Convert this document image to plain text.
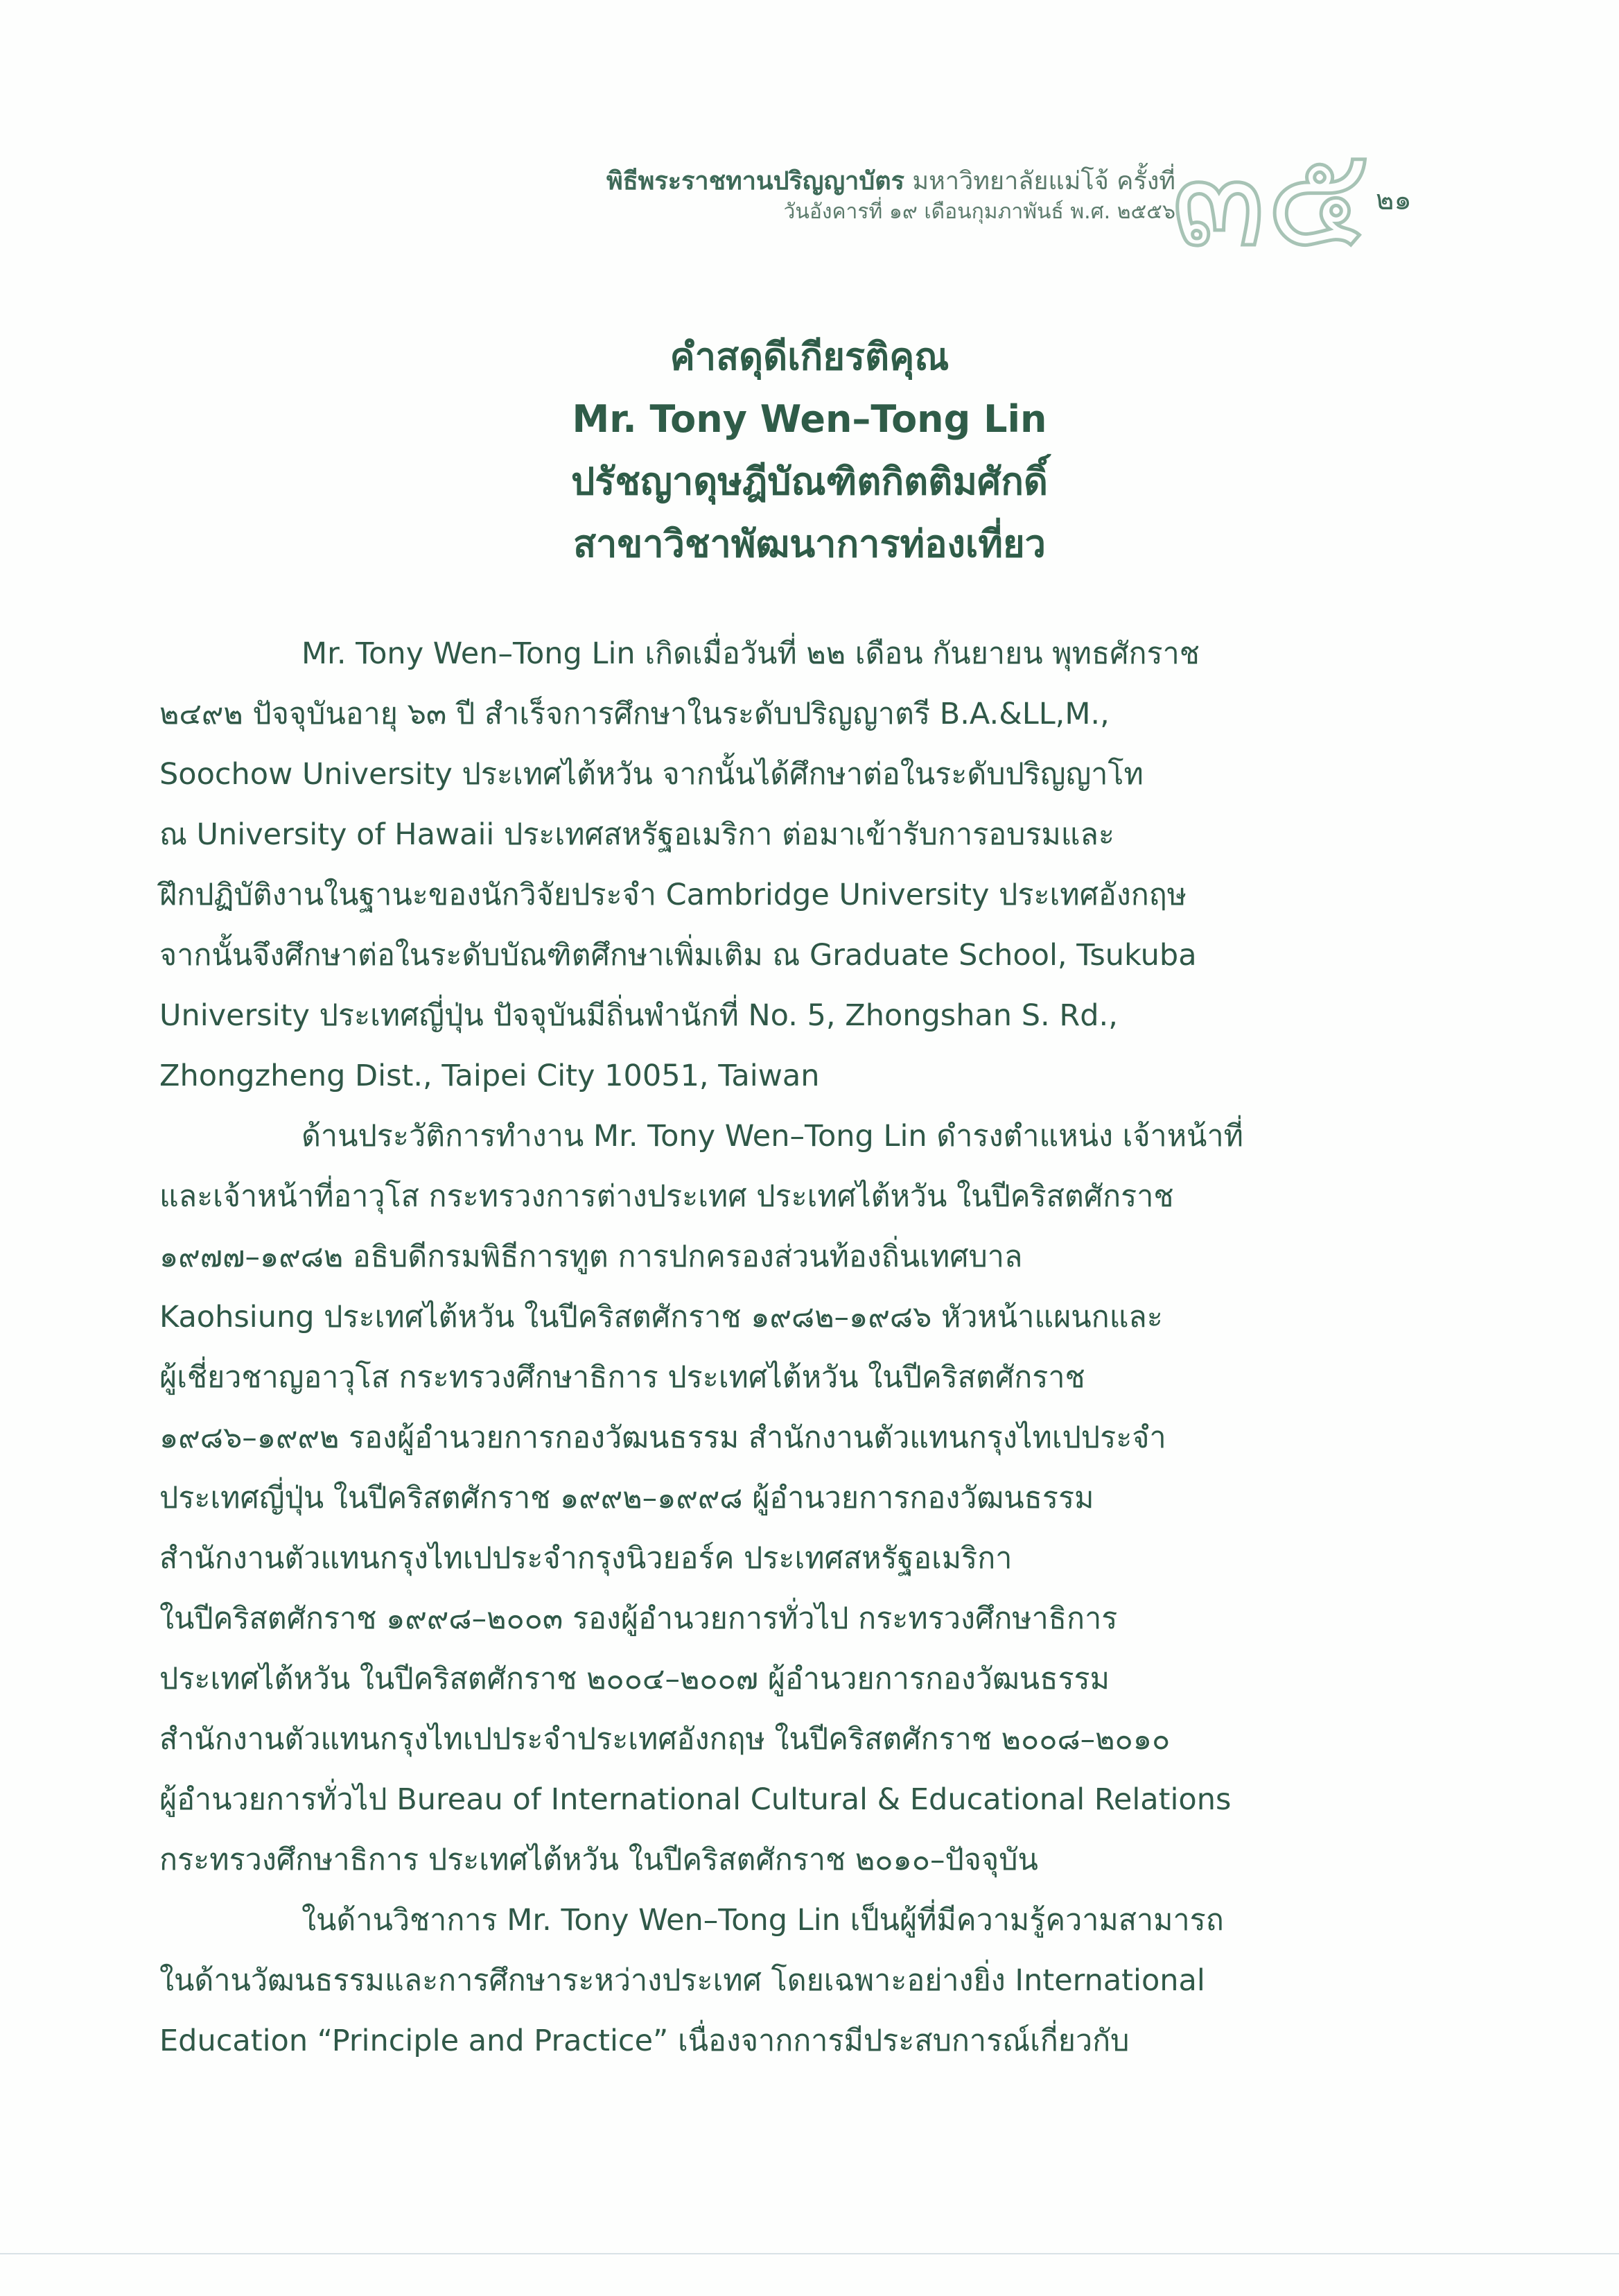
พิธีพระราชทานปริญญาบัตร มหาวิทยาลัยแม่โจ้ ครั้งที่
วันอังคารที่ ๑๙ เดือนกุมภาพันธ์ พ.ศ. ๒๕๕๖
๓๕ ๒๑
คำสดุดีเกียรติคุณ
Mr. Tony Wen–Tong Lin
ปรัชญาดุษฎีบัณฑิตกิตติมศักดิ์
สาขาวิชาพัฒนาการท่องเที่ยว
Mr. Tony Wen–Tong Lin เกิดเมื่อวันที่ ๒๒ เดือน กันยายน พุทธศักราช
๒๔๙๒ ปัจจุบันอายุ ๖๓ ปี สำเร็จการศึกษาในระดับปริญญาตรี B.A.&LL,M.,
Soochow University ประเทศไต้หวัน จากนั้นได้ศึกษาต่อในระดับปริญญาโท
ณ University of Hawaii ประเทศสหรัฐอเมริกา ต่อมาเข้ารับการอบรมและ
ฝึกปฏิบัติงานในฐานะของนักวิจัยประจำ Cambridge University ประเทศอังกฤษ
จากนั้นจึงศึกษาต่อในระดับบัณฑิตศึกษาเพิ่มเติม ณ Graduate School, Tsukuba
University ประเทศญี่ปุ่น ปัจจุบันมีถิ่นพำนักที่ No. 5, Zhongshan S. Rd.,
Zhongzheng Dist., Taipei City 10051, Taiwan
ด้านประวัติการทำงาน Mr. Tony Wen–Tong Lin ดำรงตำแหน่ง เจ้าหน้าที่
และเจ้าหน้าที่อาวุโส กระทรวงการต่างประเทศ ประเทศไต้หวัน ในปีคริสตศักราช
๑๙๗๗–๑๙๘๒ อธิบดีกรมพิธีการทูต การปกครองส่วนท้องถิ่นเทศบาล
Kaohsiung ประเทศไต้หวัน ในปีคริสตศักราช ๑๙๘๒–๑๙๘๖ หัวหน้าแผนกและ
ผู้เชี่ยวชาญอาวุโส กระทรวงศึกษาธิการ ประเทศไต้หวัน ในปีคริสตศักราช
๑๙๘๖–๑๙๙๒ รองผู้อำนวยการกองวัฒนธรรม สำนักงานตัวแทนกรุงไทเปประจำ
ประเทศญี่ปุ่น ในปีคริสตศักราช ๑๙๙๒–๑๙๙๘ ผู้อำนวยการกองวัฒนธรรม
สำนักงานตัวแทนกรุงไทเปประจำกรุงนิวยอร์ค ประเทศสหรัฐอเมริกา
ในปีคริสตศักราช ๑๙๙๘–๒๐๐๓ รองผู้อำนวยการทั่วไป กระทรวงศึกษาธิการ
ประเทศไต้หวัน ในปีคริสตศักราช ๒๐๐๔–๒๐๐๗ ผู้อำนวยการกองวัฒนธรรม
สำนักงานตัวแทนกรุงไทเปประจำประเทศอังกฤษ ในปีคริสตศักราช ๒๐๐๘–๒๐๑๐
ผู้อำนวยการทั่วไป Bureau of International Cultural & Educational Relations
กระทรวงศึกษาธิการ ประเทศไต้หวัน ในปีคริสตศักราช ๒๐๑๐–ปัจจุบัน
ในด้านวิชาการ Mr. Tony Wen–Tong Lin เป็นผู้ที่มีความรู้ความสามารถ
ในด้านวัฒนธรรมและการศึกษาระหว่างประเทศ โดยเฉพาะอย่างยิ่ง International
Education “Principle and Practice” เนื่องจากการมีประสบการณ์เกี่ยวกับ
